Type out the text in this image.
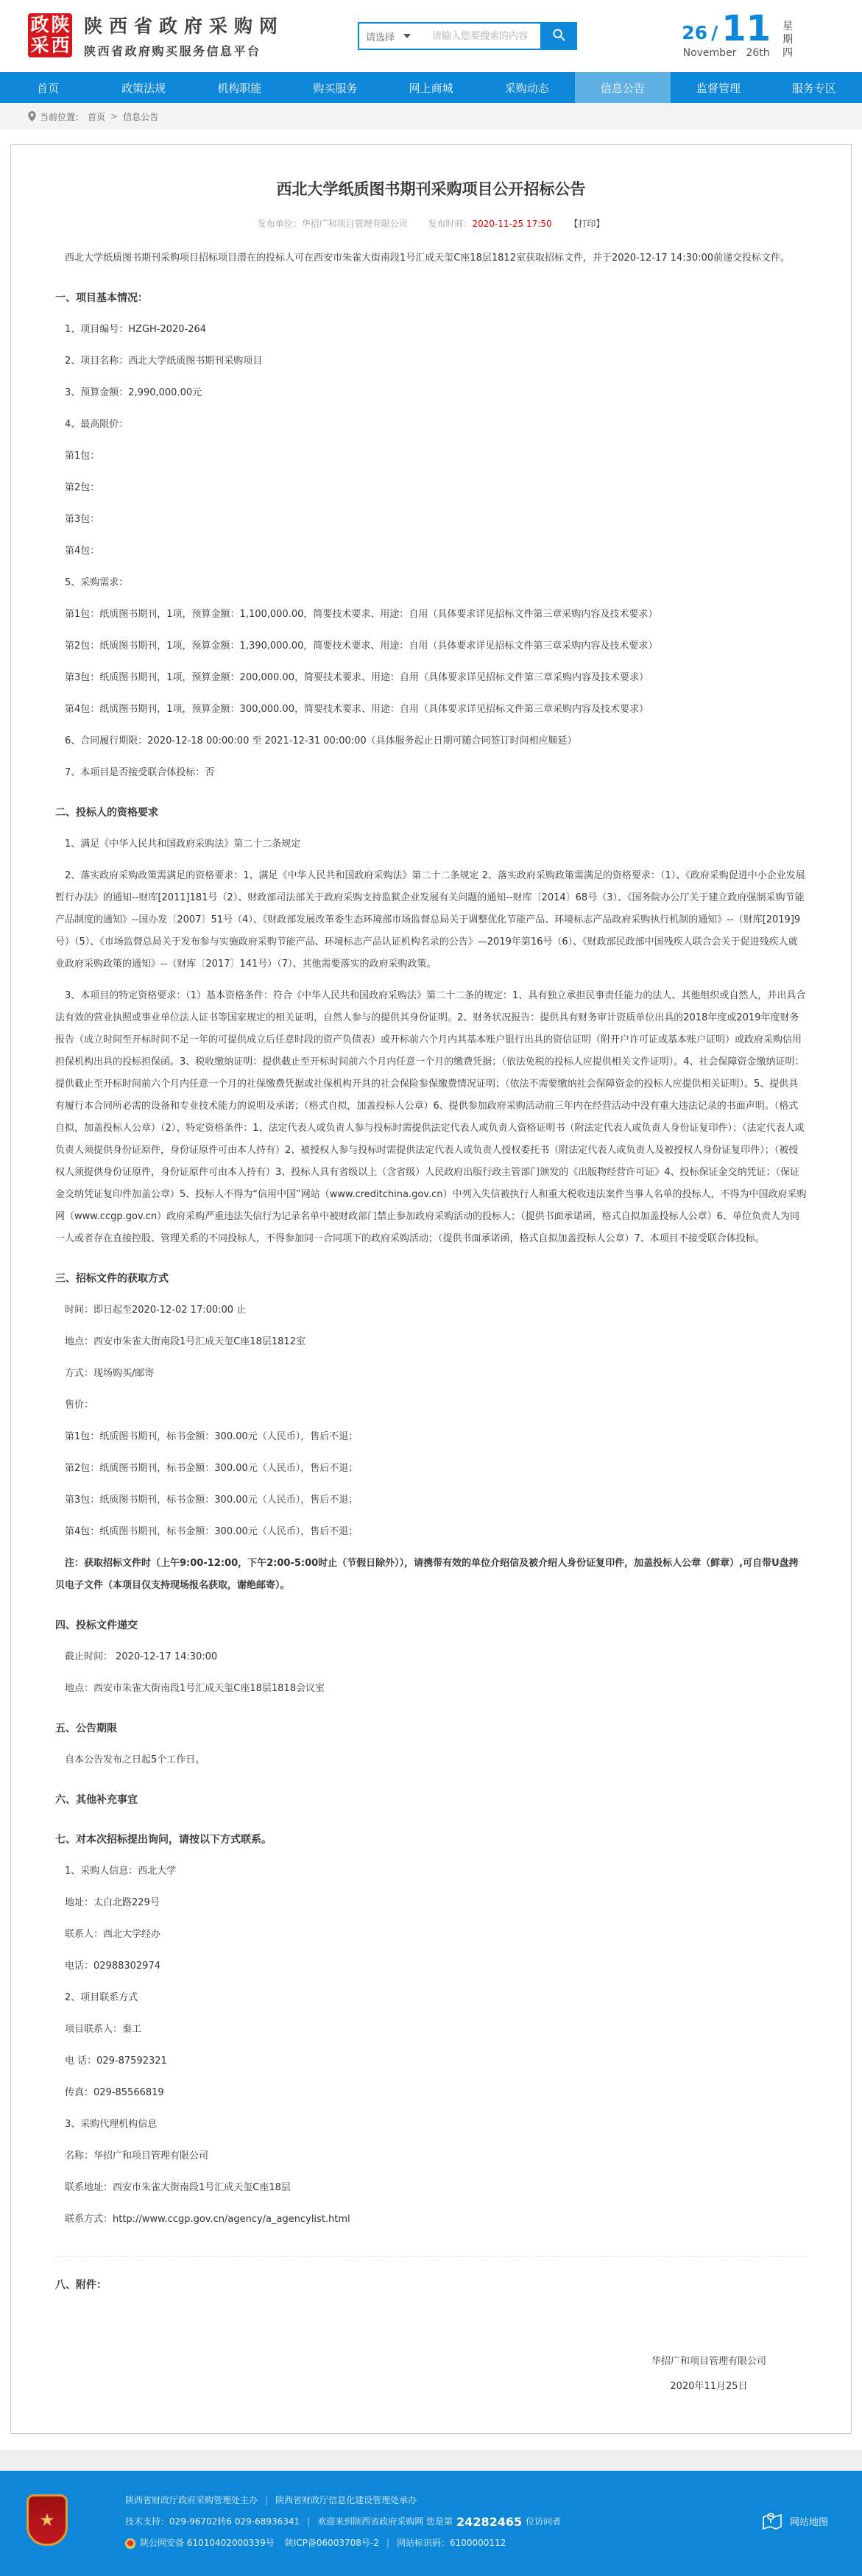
政 陕
采 西
陕西省政府采购网
陕西省政府购买服务信息平台
请选择
请输入您要搜索的内容	26 / 11
November 26th
星期四
首页	政策法规	机构职能	购买服务	网上商城	采购动态	信息公告	监督管理	服务专区
当前位置： 首页 > 信息公告
西北大学纸质图书期刊采购项目公开招标公告
发布单位：华招广和项目管理有限公司 发布时间：2020-11-25 17:50 【打印】

西北大学纸质图书期刊采购项目招标项目潜在的投标人可在西安市朱雀大街南段1号汇成天玺C座18层1812室获取招标文件，并于2020-12-17 14:30:00前递交投标文件。

一、项目基本情况：

1、项目编号：HZGH-2020-264

2、项目名称：西北大学纸质图书期刊采购项目

3、预算金额：2,990,000.00元

4、最高限价：

第1包：

第2包：

第3包：

第4包：

5、采购需求：

第1包：纸质图书期刊，1项，预算金额：1,100,000.00，简要技术要求、用途：自用（具体要求详见招标文件第三章采购内容及技术要求）

第2包：纸质图书期刊，1项，预算金额：1,390,000.00，简要技术要求、用途：自用（具体要求详见招标文件第三章采购内容及技术要求）

第3包：纸质图书期刊，1项，预算金额：200,000.00，简要技术要求、用途：自用（具体要求详见招标文件第三章采购内容及技术要求）

第4包：纸质图书期刊，1项，预算金额：300,000.00，简要技术要求、用途：自用（具体要求详见招标文件第三章采购内容及技术要求）

6、合同履行期限：2020-12-18 00:00:00 至 2021-12-31 00:00:00（具体服务起止日期可随合同签订时间相应顺延）

7、本项目是否接受联合体投标：否

二、投标人的资格要求

1、满足《中华人民共和国政府采购法》第二十二条规定

2、落实政府采购政策需满足的资格要求：1、满足《中华人民共和国政府采购法》第二十二条规定 2、落实政府采购政策需满足的资格要求：（1）、《政府采购促进中小企业发展暂行办法》的通知--财库[2011]181号（2）、财政部司法部关于政府采购支持监狱企业发展有关问题的通知--财库〔2014〕68号（3）、《国务院办公厅关于建立政府强制采购节能产品制度的通知》--国办发〔2007〕51号（4）、《财政部发展改革委生态环境部市场监督总局关于调整优化节能产品、环境标志产品政府采购执行机制的通知》--（财库[2019]9号）（5）、《市场监督总局关于发布参与实施政府采购节能产品、环境标志产品认证机构名录的公告》—2019年第16号（6）、《财政部民政部中国残疾人联合会关于促进残疾人就业政府采购政策的通知》--（财库〔2017〕141号）（7）、其他需要落实的政府采购政策。

3、本项目的特定资格要求：（1）基本资格条件：符合《中华人民共和国政府采购法》第二十二条的规定：1、具有独立承担民事责任能力的法人、其他组织或自然人，并出具合法有效的营业执照或事业单位法人证书等国家规定的相关证明，自然人参与的提供其身份证明。2、财务状况报告：提供具有财务审计资质单位出具的2018年度或2019年度财务报告（成立时间至开标时间不足一年的可提供成立后任意时段的资产负债表）或开标前六个月内其基本账户银行出具的资信证明（附开户许可证或基本账户证明）或政府采购信用担保机构出具的投标担保函。3、税收缴纳证明：提供截止至开标时间前六个月内任意一个月的缴费凭据；（依法免税的投标人应提供相关文件证明）。4、社会保障资金缴纳证明：提供截止至开标时间前六个月内任意一个月的社保缴费凭据或社保机构开具的社会保险参保缴费情况证明；（依法不需要缴纳社会保障资金的投标人应提供相关证明）。5、提供具有履行本合同所必需的设备和专业技术能力的说明及承诺；（格式自拟，加盖投标人公章）6、提供参加政府采购活动前三年内在经营活动中没有重大违法记录的书面声明。（格式自拟，加盖投标人公章）（2）、特定资格条件：1、法定代表人或负责人参与投标时需提供法定代表人或负责人资格证明书（附法定代表人或负责人身份证复印件）；（法定代表人或负责人须提供身份证原件，身份证原件可由本人持有）2、被授权人参与投标时需提供法定代表人或负责人授权委托书（附法定代表人或负责人及被授权人身份证复印件）；（被授权人须提供身份证原件，身份证原件可由本人持有）3、投标人具有省级以上（含省级）人民政府出版行政主管部门颁发的《出版物经营许可证》4、投标保证金交纳凭证；（保证金交纳凭证复印件加盖公章）5、投标人不得为“信用中国”网站（www.creditchina.gov.cn）中列入失信被执行人和重大税收违法案件当事人名单的投标人，不得为中国政府采购网（www.ccgp.gov.cn）政府采购严重违法失信行为记录名单中被财政部门禁止参加政府采购活动的投标人；（提供书面承诺函，格式自拟加盖投标人公章）6、单位负责人为同一人或者存在直接控股、管理关系的不同投标人，不得参加同一合同项下的政府采购活动；（提供书面承诺函，格式自拟加盖投标人公章）7、本项目不接受联合体投标。

三、招标文件的获取方式

时间：即日起至2020-12-02 17:00:00 止

地点：西安市朱雀大街南段1号汇成天玺C座18层1812室

方式：现场购买/邮寄

售价：

第1包：纸质图书期刊，标书金额：300.00元（人民币），售后不退；

第2包：纸质图书期刊，标书金额：300.00元（人民币），售后不退；

第3包：纸质图书期刊，标书金额：300.00元（人民币），售后不退；

第4包：纸质图书期刊，标书金额：300.00元（人民币），售后不退；

注：获取招标文件时（上午9:00-12:00，下午2:00-5:00时止（节假日除外）），请携带有效的单位介绍信及被介绍人身份证复印件，加盖投标人公章（鲜章）,可自带U盘拷贝电子文件（本项目仅支持现场报名获取，谢绝邮寄）。

四、投标文件递交

截止时间： 2020-12-17 14:30:00

地点：西安市朱雀大街南段1号汇成天玺C座18层1818会议室

五、公告期限

自本公告发布之日起5个工作日。

六、其他补充事宜
七、对本次招标提出询问，请按以下方式联系。

1、采购人信息：西北大学

地址：太白北路229号

联系人：西北大学经办

电话：02988302974

2、项目联系方式

项目联系人：秦工

电 话：029-87592321

传真：029-85566819

3、采购代理机构信息

名称：华招广和项目管理有限公司

联系地址：西安市朱雀大街南段1号汇成天玺C座18层

联系方式：http://www.ccgp.gov.cn/agency/a_agencylist.html

八、附件：
华招广和项目管理有限公司
2020年11月25日
★
陕西省财政厅政府采购管理处主办 | 陕西省财政厅信息化建设管理处承办
技术支持：029-96702转6 029-68936341 | 欢迎来到陕西省政府采购网 您是第 24282465 位访问者
陕公网安备 61010402000339号 陕ICP备06003708号-2 | 网站标识码：6100000112
网站地图
